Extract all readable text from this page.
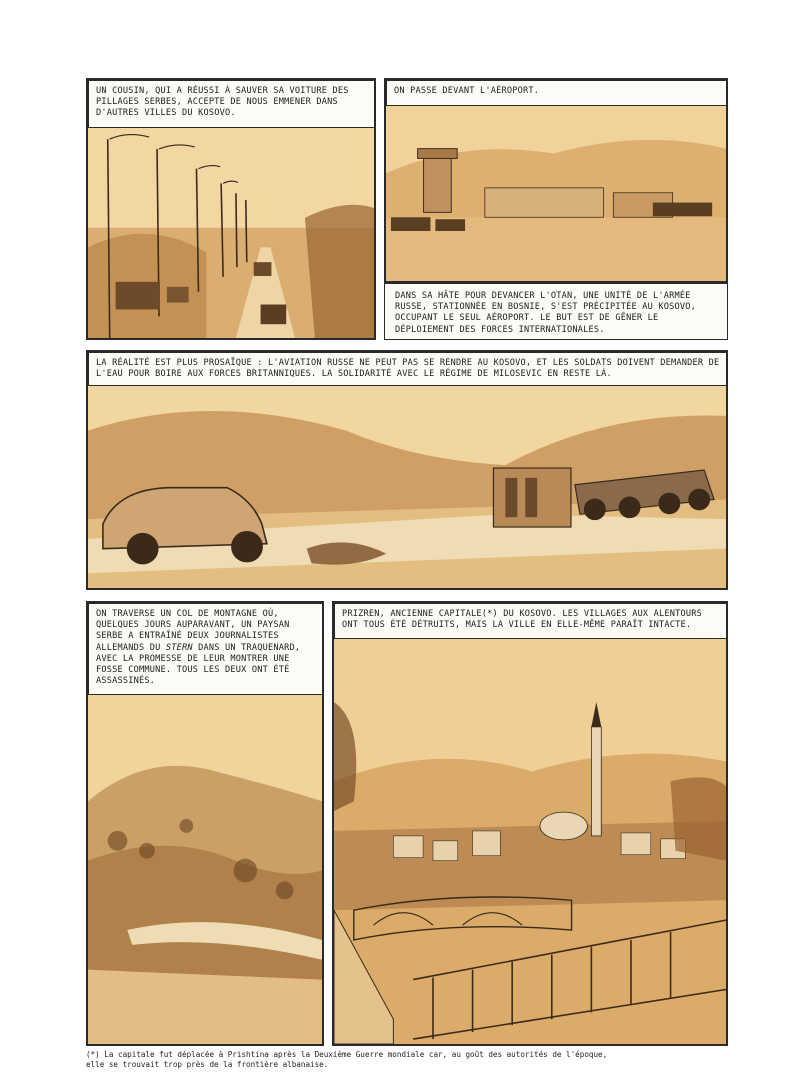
UN COUSIN, QUI A RÉUSSI À SAUVER SA VOITURE DES PILLAGES SERBES, ACCEPTE DE NOUS EMMENER DANS D'AUTRES VILLES DU KOSOVO.
ON PASSE DEVANT L'AÉROPORT.
DANS SA HÂTE POUR DEVANCER L'OTAN, UNE UNITÉ DE L'ARMÉE RUSSE, STATIONNÉE EN BOSNIE, S'EST PRÉCIPITÉE AU KOSOVO, OCCUPANT LE SEUL AÉROPORT. LE BUT EST DE GÊNER LE DÉPLOIEMENT DES FORCES INTERNATIONALES.
LA RÉALITÉ EST PLUS PROSAÏQUE : L'AVIATION RUSSE NE PEUT PAS SE RENDRE AU KOSOVO, ET LES SOLDATS DOIVENT DEMANDER DE L'EAU POUR BOIRE AUX FORCES BRITANNIQUES. LA SOLIDARITÉ AVEC LE RÉGIME DE MILOSEVIC EN RESTE LÀ.
ON TRAVERSE UN COL DE MONTAGNE OÙ, QUELQUES JOURS AUPARAVANT, UN PAYSAN SERBE A ENTRAÎNÉ DEUX JOURNALISTES ALLEMANDS DU STERN DANS UN TRAQUENARD, AVEC LA PROMESSE DE LEUR MONTRER UNE FOSSE COMMUNE. TOUS LES DEUX ONT ÉTÉ ASSASSINÉS.
PRIZREN, ANCIENNE CAPITALE(*) DU KOSOVO. LES VILLAGES AUX ALENTOURS ONT TOUS ÉTÉ DÉTRUITS, MAIS LA VILLE EN ELLE-MÊME PARAÎT INTACTE.
(*) La capitale fut déplacée à Prishtina après la Deuxième Guerre mondiale car, au goût des autorités de l'époque,
elle se trouvait trop près de la frontière albanaise.
